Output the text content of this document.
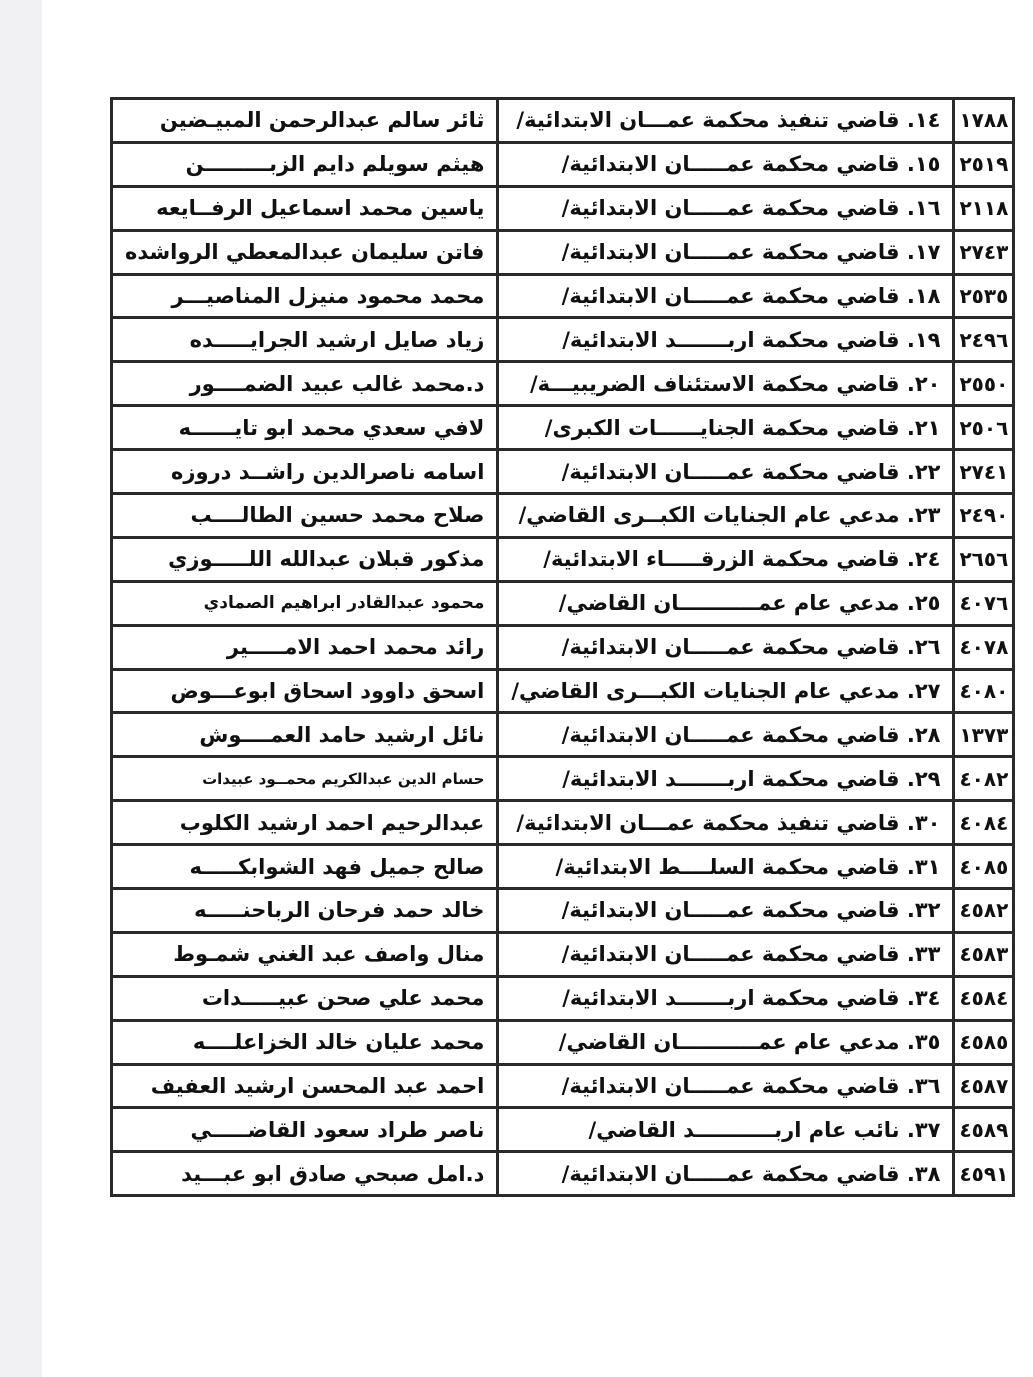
١٧٨٨	١٤. قاضي تنفيذ محكمة عمـــان الابتدائية/	ثائر سالم عبدالرحمن المبيـضين
٢٥١٩	١٥. قاضي محكمة عمـــــان الابتدائية/	هيثم سويلم دايم الزبـــــــــن
٢١١٨	١٦. قاضي محكمة عمـــــان الابتدائية/	ياسين محمد اسماعيل الرفــايعه
٢٧٤٣	١٧. قاضي محكمة عمـــــان الابتدائية/	فاتن سليمان عبدالمعطي الرواشده
٢٥٣٥	١٨. قاضي محكمة عمـــــان الابتدائية/	محمد محمود منيزل المناصيـــر
٢٤٩٦	١٩. قاضي محكمة اربـــــــد الابتدائية/	زياد صايل ارشيد الجرايـــــده
٢٥٥٠	٢٠. قاضي محكمة الاستئناف الضريبيـــة/	د.محمد غالب عبيد الضمــــور
٢٥٠٦	٢١. قاضي محكمة الجنايــــــات الكبرى/	لافي سعدي محمد ابو تايــــــه
٢٧٤١	٢٢. قاضي محكمة عمـــــان الابتدائية/	اسامه ناصرالدين راشــد دروزه
٢٤٩٠	٢٣. مدعي عام الجنايات الكبــرى القاضي/	صلاح محمد حسين الطالــــب
٢٦٥٦	٢٤. قاضي محكمة الزرقـــــاء الابتدائية/	مذكور قبلان عبدالله اللـــــوزي
٤٠٧٦	٢٥. مدعي عام عمـــــــــــان القاضي/	محمود عبدالقادر ابراهيم الصمادي
٤٠٧٨	٢٦. قاضي محكمة عمـــــان الابتدائية/	رائد محمد احمد الامـــــير
٤٠٨٠	٢٧. مدعي عام الجنايات الكبـــرى القاضي/	اسحق داوود اسحاق ابوعـــوض
١٣٧٣	٢٨. قاضي محكمة عمـــــان الابتدائية/	نائل ارشيد حامد العمــــوش
٤٠٨٢	٢٩. قاضي محكمة اربـــــــد الابتدائية/	حسام الدين عبدالكريم محمــود عبيدات
٤٠٨٤	٣٠. قاضي تنفيذ محكمة عمـــان الابتدائية/	عبدالرحيم احمد ارشيد الكلوب
٤٠٨٥	٣١. قاضي محكمة السلــــط الابتدائية/	صالح جميل فهد الشوابكـــــه
٤٥٨٢	٣٢. قاضي محكمة عمـــــان الابتدائية/	خالد حمد فرحان الرباحنـــــه
٤٥٨٣	٣٣. قاضي محكمة عمـــــان الابتدائية/	منال واصف عبد الغني شمـوط
٤٥٨٤	٣٤. قاضي محكمة اربـــــــد الابتدائية/	محمد علي صحن عبيـــــدات
٤٥٨٥	٣٥. مدعي عام عمـــــــــــان القاضي/	محمد عليان خالد الخزاعلــــه
٤٥٨٧	٣٦. قاضي محكمة عمـــــان الابتدائية/	احمد عبد المحسن ارشيد العفيف
٤٥٨٩	٣٧. نائب عام اربـــــــــــد القاضي/	ناصر طراد سعود القاضـــــي
٤٥٩١	٣٨. قاضي محكمة عمـــــان الابتدائية/	د.امل صبحي صادق ابو عبـــيد
